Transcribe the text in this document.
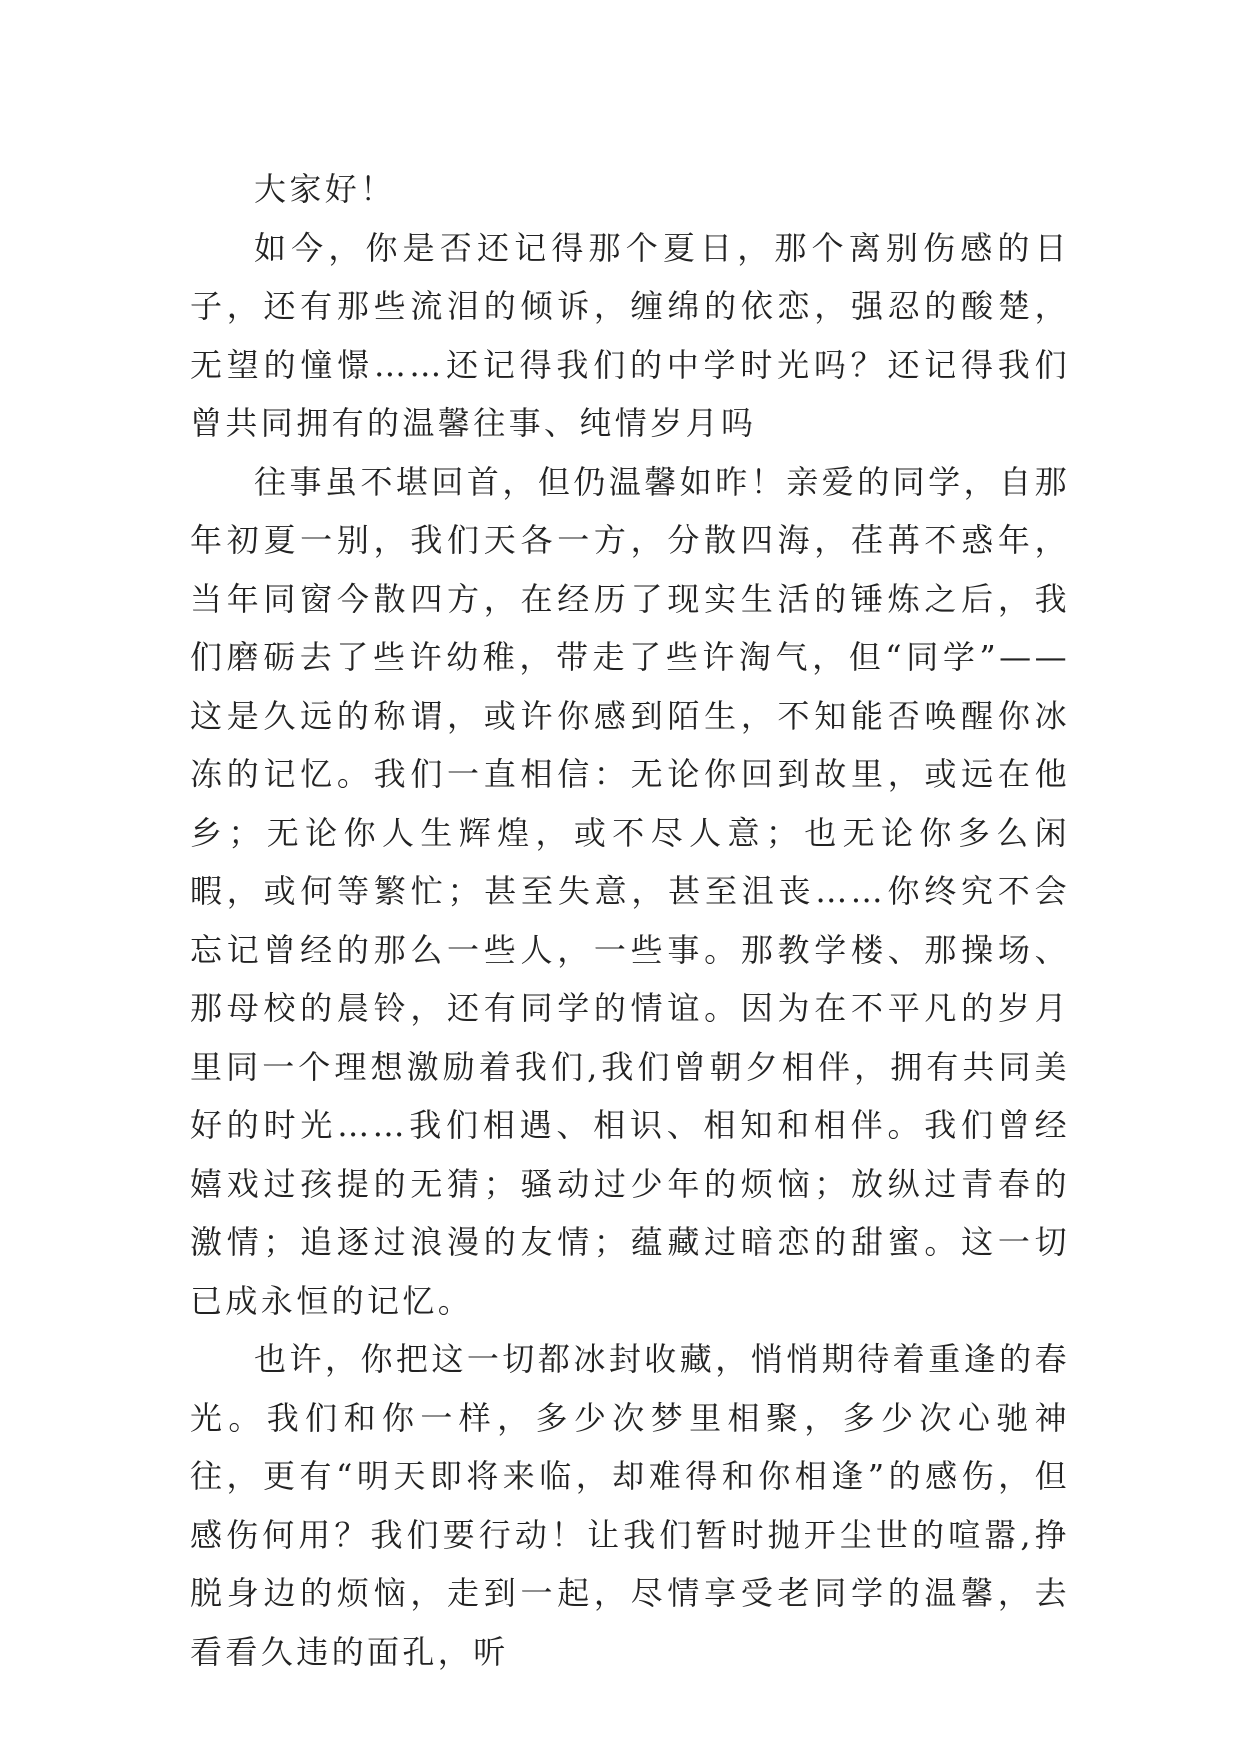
大家好！

如今，你是否还记得那个夏日，那个离别伤感的日子，还有那些流泪的倾诉，缠绵的依恋，强忍的酸楚，无望的憧憬……还记得我们的中学时光吗？还记得我们曾共同拥有的温馨往事、纯情岁月吗

往事虽不堪回首，但仍温馨如昨！亲爱的同学，自那年初夏一别，我们天各一方，分散四海，荏苒不惑年，当年同窗今散四方，在经历了现实生活的锤炼之后，我们磨砺去了些许幼稚，带走了些许淘气，但“同学”——这是久远的称谓，或许你感到陌生，不知能否唤醒你冰冻的记忆。我们一直相信：无论你回到故里，或远在他乡；无论你人生辉煌，或不尽人意；也无论你多么闲暇，或何等繁忙；甚至失意，甚至沮丧……你终究不会忘记曾经的那么一些人，一些事。那教学楼、那操场、那母校的晨铃，还有同学的情谊。因为在不平凡的岁月里同一个理想激励着我们,我们曾朝夕相伴，拥有共同美好的时光……我们相遇、相识、相知和相伴。我们曾经嬉戏过孩提的无猜；骚动过少年的烦恼；放纵过青春的激情；追逐过浪漫的友情；蕴藏过暗恋的甜蜜。这一切已成永恒的记忆。

也许，你把这一切都冰封收藏，悄悄期待着重逢的春光。我们和你一样，多少次梦里相聚，多少次心驰神往，更有“明天即将来临，却难得和你相逢”的感伤，但感伤何用？我们要行动！让我们暂时抛开尘世的喧嚣,挣脱身边的烦恼，走到一起，尽情享受老同学的温馨，去看看久违的面孔，听
